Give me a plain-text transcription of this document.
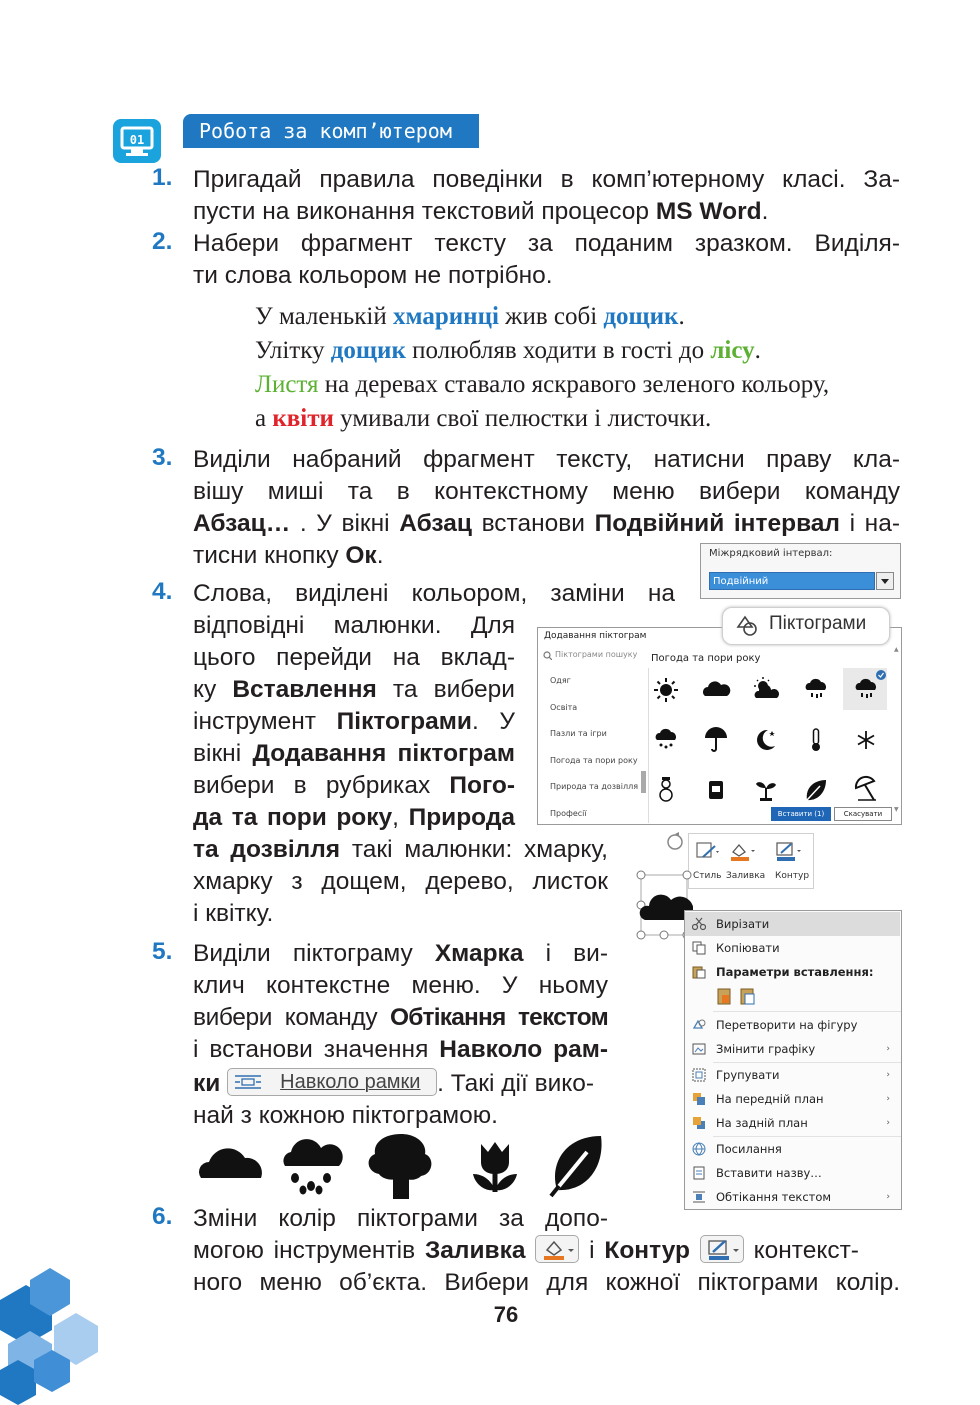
01	Робота за комп’ютером
1. Пригадай правила поведінки в комп’ютерному класі. За-
пусти на виконання текстовий процесор MS Word.
2. Набери фрагмент тексту за поданим зразком. Виділя-
ти слова кольором не потрібно.
У маленькій хмаринці жив собі дощик.
Улітку дощик полюбляв ходити в гості до лісу.
Листя на деревах ставало яскравого зеленого кольору,
а квіти умивали свої пелюстки і листочки.
3. Виділи набраний фрагмент тексту, натисни праву кла-
вішу миші та в контекстному меню вибери команду
Абзац… . У вікні Абзац встанови Подвійний інтервал і на-
тисни кнопку Ок.	Міжрядковий інтервал:
Подвійний
4. Слова, виділені кольором, заміни на
відповідні малюнки. Для
цього перейди на вклад-
ку Вставлення та вибери
інструмент Піктограми. У
вікні Додавання піктограм
вибери в рубриках Пого-
да та пори року, Природа
та дозвілля такі малюнки: хмарку,
хмарку з дощем, дерево, листок
і квітку.
Додавання піктограм
Піктограми пошуку
Одяг
Освіта
Пазли та ігри
Погода та пори року
Природа та дозвілля
Професії
Погода та пори року
Вставити (1)	Скасувати
▲
▼
Піктограми
Стиль Заливка Контур
Вирізати
Копіювати
Параметри вставлення:
Перетворити на фігуру
Змінити графіку	›
Групувати	›
На передній план	›
На задній план	›
Посилання
Вставити назву…
Обтікання текстом	›
5. Виділи піктограму Хмарка і ви-
клич контекстне меню. У ньому
вибери команду Обтікання текстом
і встанови значення Навколо рам-
ки	Навколо рамки . Такі дії вико-
най з кожною піктограмою.
6. Зміни колір піктограми за допо-
могою інструментів Заливка
і Контур
контекст-
ного меню об’єкта. Вибери для кожної піктограми колір.
76
